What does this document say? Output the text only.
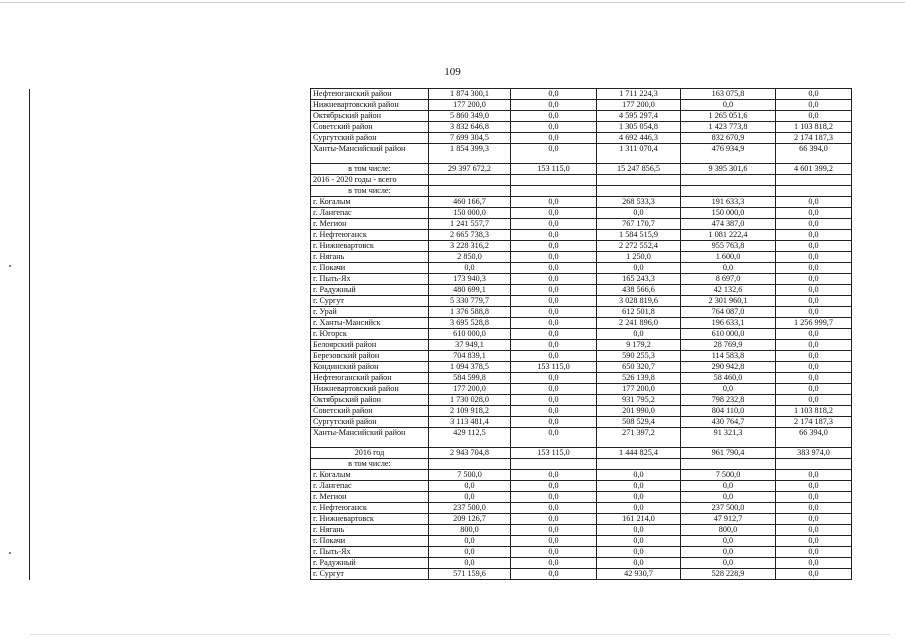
109
	Нефтеюганский район	1 874 300,1	0,0	1 711 224,3	163 075,8	0,0
	Нижневартовский район	177 200,0	0,0	177 200,0	0,0	0,0
	Октябрьский район	5 860 349,0	0,0	4 595 297,4	1 265 051,6	0,0
	Советский район	3 832 646,8	0,0	1 305 054,8	1 423 773,8	1 103 818,2
	Сургутский район	7 699 304,5	0,0	4 692 446,3	832 670,9	2 174 187,3
	Ханты-Мансийский район	1 854 399,3	0,0	1 311 070,4	476 934,9	66 394,0
	в том числе:	29 397 672,2	153 115,0	15 247 856,5	9 395 301,6	4 601 399,2
	2016 - 2020 годы - всего					
	в том числе:					
	г. Когалым	460 166,7	0,0	268 533,3	191 633,3	0,0
	г. Лангепас	150 000,0	0,0	0,0	150 000,0	0,0
	г. Мегион	1 241 557,7	0,0	767 170,7	474 387,0	0,0
	г. Нефтеюганск	2 665 738,3	0,0	1 584 515,9	1 081 222,4	0,0
	г. Нижневартовск	3 228 316,2	0,0	2 272 552,4	955 763,8	0,0
	г. Нягань	2 850,0	0,0	1 250,0	1 600,0	0,0
	г. Покачи	0,0	0,0	0,0	0,0	0,0
	г. Пыть-Ях	173 940,3	0,0	165 243,3	8 697,0	0,0
	г. Радужный	480 699,1	0,0	438 566,6	42 132,6	0,0
	г. Сургут	5 330 779,7	0,0	3 028 819,6	2 301 960,1	0,0
	г. Урай	1 376 588,8	0,0	612 501,8	764 087,0	0,0
	г. Ханты-Мансийск	3 695 528,8	0,0	2 241 896,0	196 633,1	1 256 999,7
	г. Югорск	610 000,0	0,0	0,0	610 000,0	0,0
	Белоярский район	37 949,1	0,0	9 179,2	28 769,9	0,0
	Березовский район	704 839,1	0,0	590 255,3	114 583,8	0,0
	Кондинский район	1 094 378,5	153 115,0	650 320,7	290 942,8	0,0
	Нефтеюганский район	584 599,8	0,0	526 139,8	58 460,0	0,0
	Нижневартовский район	177 200,0	0,0	177 200,0	0,0	0,0
	Октябрьский район	1 730 028,0	0,0	931 795,2	798 232,8	0,0
	Советский район	2 109 918,2	0,0	201 990,0	804 110,0	1 103 818,2
	Сургутский район	3 113 481,4	0,0	508 529,4	430 764,7	2 174 187,3
	Ханты-Мансийский район	429 112,5	0,0	271 397,2	91 321,3	66 394,0
	2016 год	2 943 704,8	153 115,0	1 444 825,4	961 790,4	383 974,0
	в том числе:					
	г. Когалым	7 500,0	0,0	0,0	7 500,0	0,0
	г. Лангепас	0,0	0,0	0,0	0,0	0,0
	г. Мегион	0,0	0,0	0,0	0,0	0,0
	г. Нефтеюганск	237 500,0	0,0	0,0	237 500,0	0,0
	г. Нижневартовск	209 126,7	0,0	161 214,0	47 912,7	0,0
	г. Нягань	800,0	0,0	0,0	800,0	0,0
	г. Покачи	0,0	0,0	0,0	0,0	0,0
	г. Пыть-Ях	0,0	0,0	0,0	0,0	0,0
	г. Радужный	0,0	0,0	0,0	0,0	0,0
	г. Сургут	571 159,6	0,0	42 930,7	528 228,9	0,0
